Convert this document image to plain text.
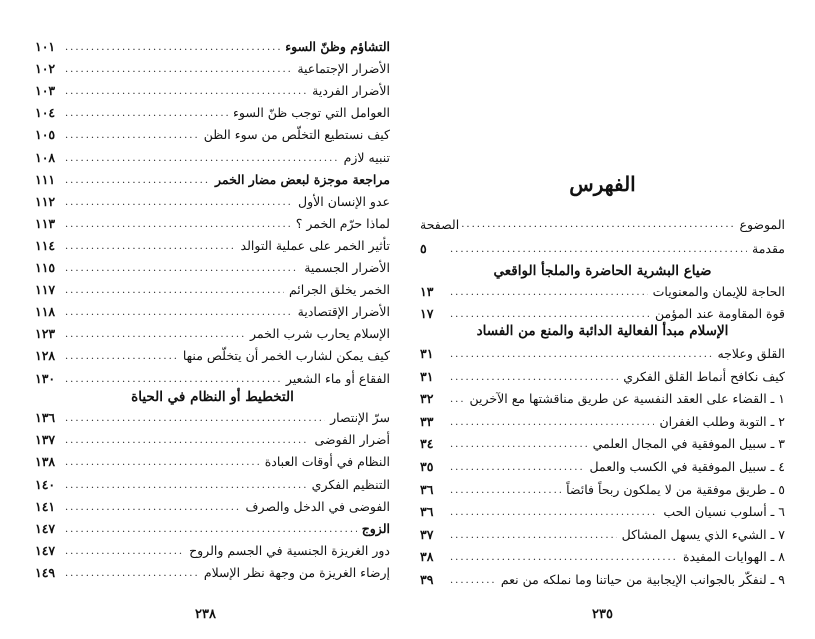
الفهرس
الموضوع
.....
الصفحة
مقدمة
.....
٥
ضياع البشرية الحاضرة والملجأ الواقعي
الحاجة للإيمان والمعنويات
.....
١٣
قوة المقاومة عند المؤمن
.....
١٧
الإسلام مبدأ الفعالية الدائبة والمنع من الفساد
القلق وعلاجه
.....
٣١
كيف نكافح أنماط القلق الفكري
.....
٣١
١ ـ القضاء على العقد النفسية عن طريق مناقشتها مع الآخرين
.....
٣٢
٢ ـ التوبة وطلب الغفران
.....
٣٣
٣ ـ سبيل الموفقية في المجال العلمي
.....
٣٤
٤ ـ سبيل الموفقية في الكسب والعمل
.....
٣٥
٥ ـ طريق موفقية من لا يملكون ربحاً فائضاً
.....
٣٦
٦ ـ أسلوب نسيان الحب
.....
٣٦
٧ ـ الشيء الذي يسهل المشاكل
.....
٣٧
٨ ـ الهوايات المفيدة
.....
٣٨
٩ ـ لنفكّر بالجوانب الإيجابية من حياتنا وما نملكه من نعم
.....
٣٩
٢٣٥
التشاؤم وظنّ السوء
.....
١٠١
الأضرار الإجتماعية
.....
١٠٢
الأضرار الفردية
.....
١٠٣
العوامل التي توجب ظنّ السوء
.....
١٠٤
كيف نستطيع التخلّص من سوء الظن
.....
١٠٥
تنبيه لازم
.....
١٠٨
مراجعة موجزة لبعض مضار الخمر
.....
١١١
عدو الإنسان الأول
.....
١١٢
لماذا حرّم الخمر ؟
.....
١١٣
تأثير الخمر على عملية التوالد
.....
١١٤
الأضرار الجسمية
.....
١١٥
الخمر يخلق الجرائم
.....
١١٧
الأضرار الإقتصادية
.....
١١٨
الإسلام يحارب شرب الخمر
.....
١٢٣
كيف يمكن لشارب الخمر أن يتخلّص منها
.....
١٢٨
الفقاع أو ماء الشعير
.....
١٣٠
التخطيط أو النظام في الحياة
سرّ الإنتصار
.....
١٣٦
أضرار الفوضى
.....
١٣٧
النظام في أوقات العبادة
.....
١٣٨
التنظيم الفكري
.....
١٤٠
الفوضى في الدخل والصرف
.....
١٤١
الزوج
.....
١٤٧
دور الغريزة الجنسية في الجسم والروح
.....
١٤٧
إرضاء الغريزة من وجهة نظر الإسلام
.....
١٤٩
٢٣٨
